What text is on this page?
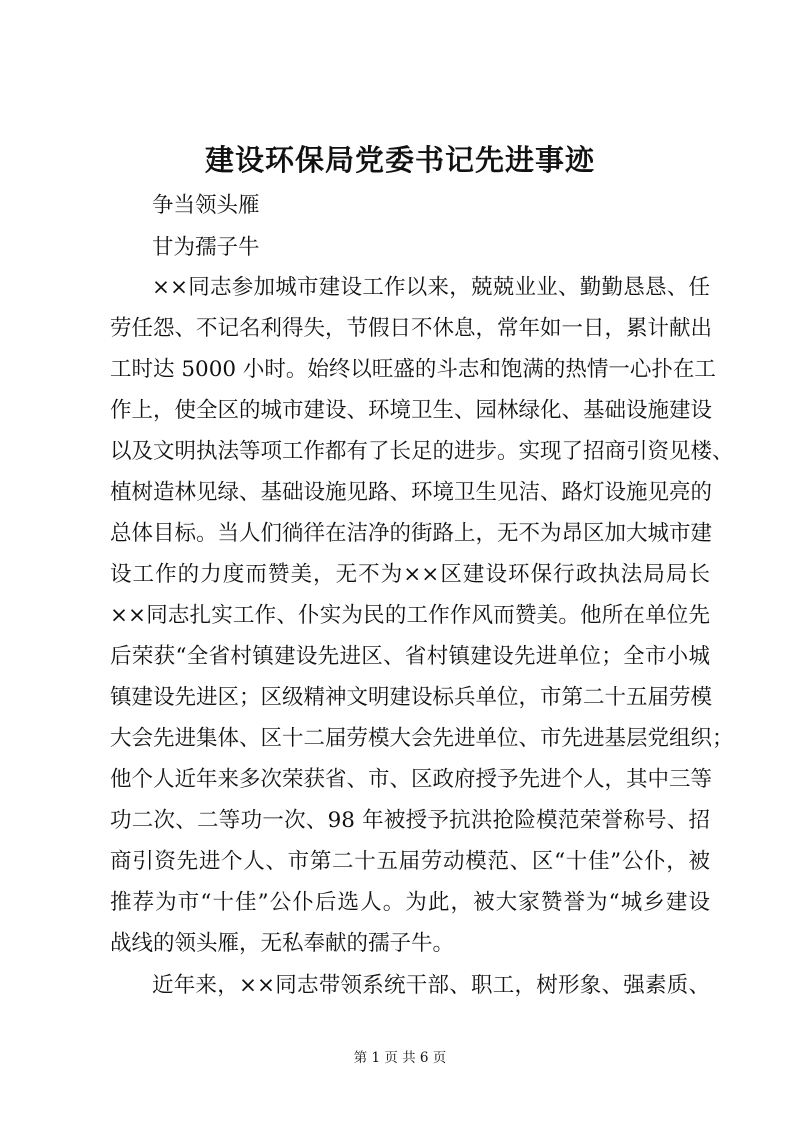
建设环保局党委书记先进事迹
争当领头雁
甘为孺子牛
××同志参加城市建设工作以来，兢兢业业、勤勤恳恳、任
劳任怨、不记名利得失，节假日不休息，常年如一日，累计献出
工时达 5000 小时。始终以旺盛的斗志和饱满的热情一心扑在工
作上，使全区的城市建设、环境卫生、园林绿化、基础设施建设
以及文明执法等项工作都有了长足的进步。实现了招商引资见楼、
植树造林见绿、基础设施见路、环境卫生见洁、路灯设施见亮的
总体目标。当人们徜徉在洁净的街路上，无不为昂区加大城市建
设工作的力度而赞美，无不为××区建设环保行政执法局局长
××同志扎实工作、仆实为民的工作作风而赞美。他所在单位先
后荣获“全省村镇建设先进区、省村镇建设先进单位；全市小城
镇建设先进区；区级精神文明建设标兵单位，市第二十五届劳模
大会先进集体、区十二届劳模大会先进单位、市先进基层党组织；
他个人近年来多次荣获省、市、区政府授予先进个人，其中三等
功二次、二等功一次、98 年被授予抗洪抢险模范荣誉称号、招
商引资先进个人、市第二十五届劳动模范、区“十佳”公仆，被
推荐为市“十佳”公仆后选人。为此，被大家赞誉为“城乡建设
战线的领头雁，无私奉献的孺子牛。
近年来，××同志带领系统干部、职工，树形象、强素质、
第 1 页 共 6 页
